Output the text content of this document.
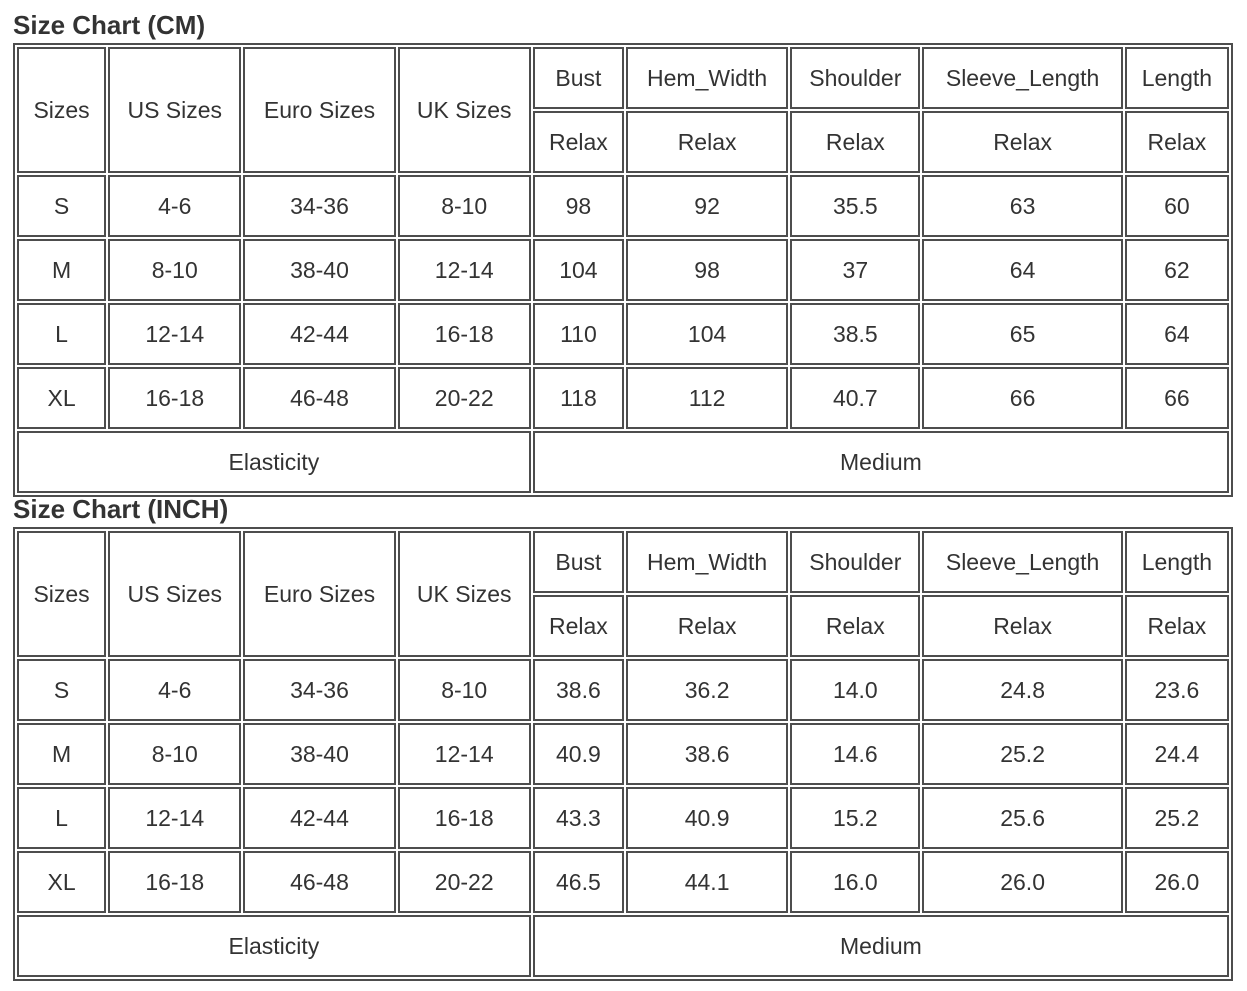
Size Chart (CM)
Sizes	US Sizes	Euro Sizes	UK Sizes	Bust	Hem_Width	Shoulder	Sleeve_Length	Length
				Relax	Relax	Relax	Relax	Relax
S	4-6	34-36	8-10	98	92	35.5	63	60
M	8-10	38-40	12-14	104	98	37	64	62
L	12-14	42-44	16-18	110	104	38.5	65	64
XL	16-18	46-48	20-22	118	112	40.7	66	66
Elasticity				Medium				
Size Chart (INCH)
Sizes	US Sizes	Euro Sizes	UK Sizes	Bust	Hem_Width	Shoulder	Sleeve_Length	Length
				Relax	Relax	Relax	Relax	Relax
S	4-6	34-36	8-10	38.6	36.2	14.0	24.8	23.6
M	8-10	38-40	12-14	40.9	38.6	14.6	25.2	24.4
L	12-14	42-44	16-18	43.3	40.9	15.2	25.6	25.2
XL	16-18	46-48	20-22	46.5	44.1	16.0	26.0	26.0
Elasticity				Medium				
